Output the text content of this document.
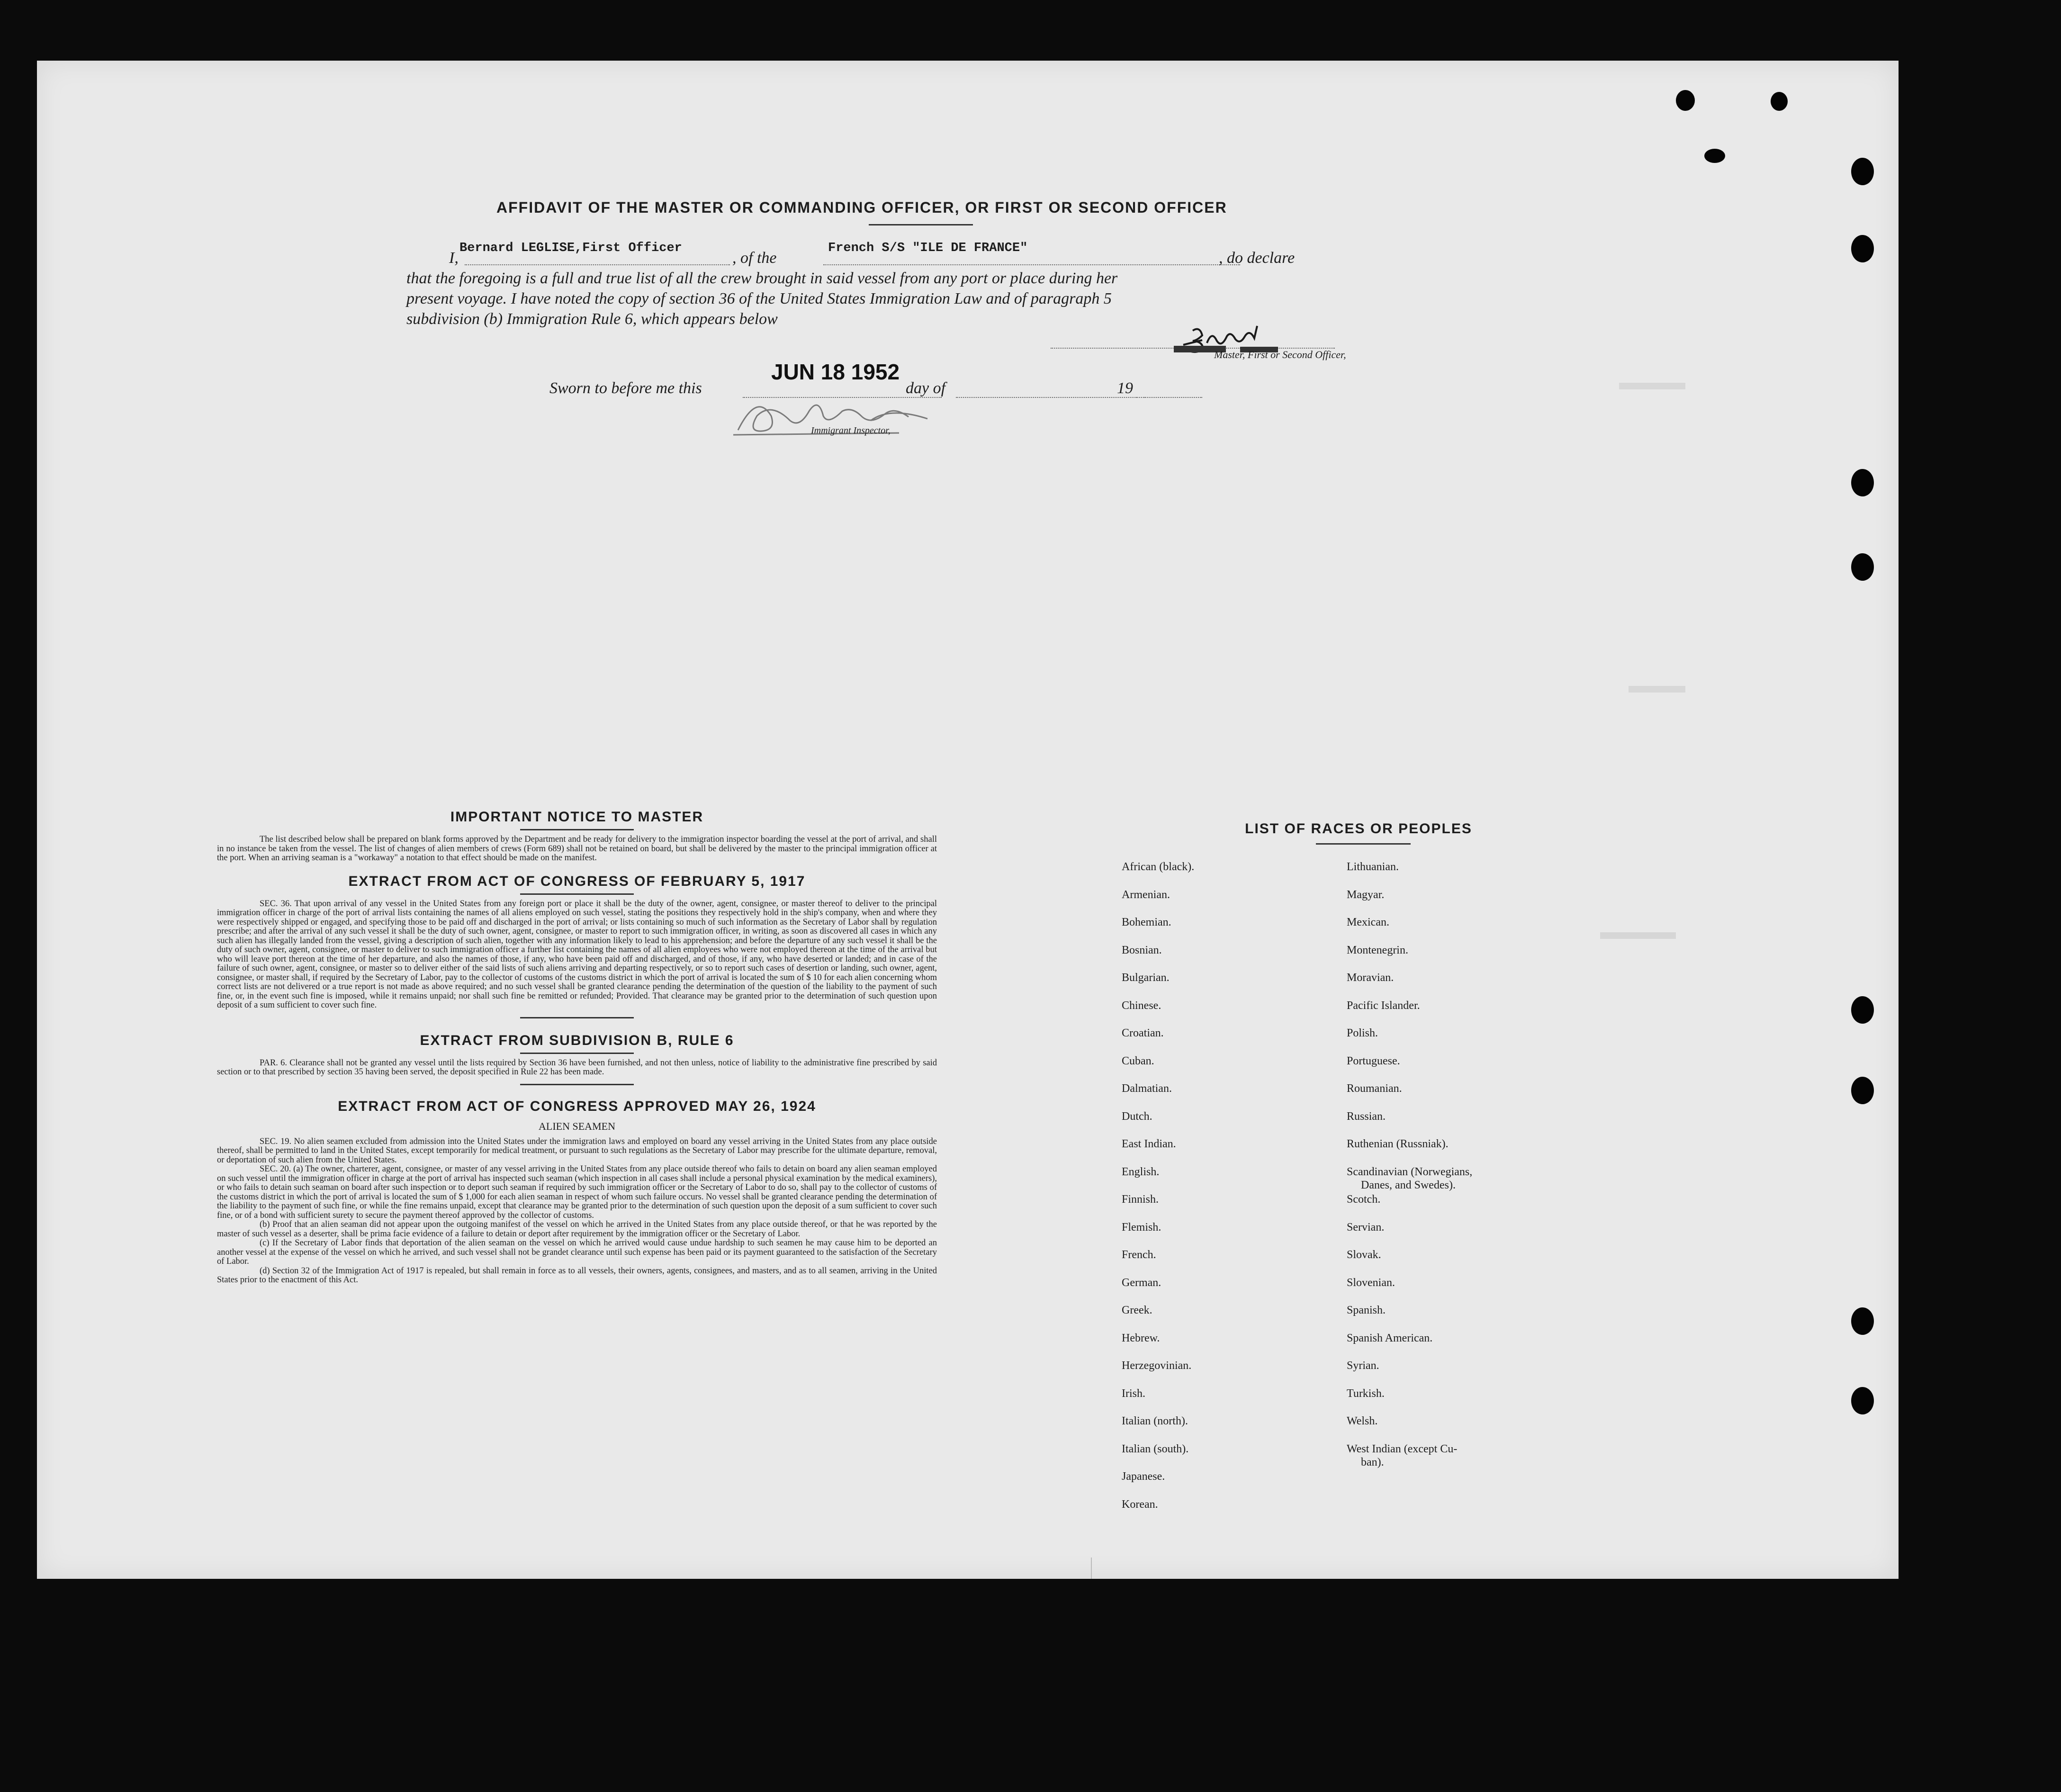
AFFIDAVIT OF THE MASTER OR COMMANDING OFFICER, OR FIRST OR SECOND OFFICER
I,
Bernard LEGLISE,First Officer
, of the
French S/S "ILE DE FRANCE"
, do declare
that the foregoing is a full and true list of all the crew brought in said vessel from any port or place during her
present voyage. I have noted the copy of section 36 of the United States Immigration Law and of paragraph 5
subdivision (b) Immigration Rule 6, which appears below
Master, First or Second Officer,
Sworn to before me this
JUN 18 1952
day of	19
Immigrant Inspector,
IMPORTANT NOTICE TO MASTER

The list described below shall be prepared on blank forms approved by the Department and be ready for delivery to the immigration inspector boarding the vessel at the port of arrival, and shall in no instance be taken from the vessel. The list of changes of alien members of crews (Form 689) shall not be retained on board, but shall be delivered by the master to the principal immigration officer at the port. When an arriving seaman is a "workaway" a notation to that effect should be made on the manifest.

EXTRACT FROM ACT OF CONGRESS OF FEBRUARY 5, 1917

SEC. 36. That upon arrival of any vessel in the United States from any foreign port or place it shall be the duty of the owner, agent, consignee, or master thereof to deliver to the principal immigration officer in charge of the port of arrival lists containing the names of all aliens employed on such vessel, stating the positions they respectively hold in the ship's company, when and where they were respectively shipped or engaged, and specifying those to be paid off and discharged in the port of arrival; or lists containing so much of such information as the Secretary of Labor shall by regulation prescribe; and after the arrival of any such vessel it shall be the duty of such owner, agent, consignee, or master to report to such immigration officer, in writing, as soon as discovered all cases in which any such alien has illegally landed from the vessel, giving a description of such alien, together with any information likely to lead to his apprehension; and before the departure of any such vessel it shall be the duty of such owner, agent, consignee, or master to deliver to such immigration officer a further list containing the names of all alien employees who were not employed thereon at the time of the arrival but who will leave port thereon at the time of her departure, and also the names of those, if any, who have been paid off and discharged, and of those, if any, who have deserted or landed; and in case of the failure of such owner, agent, consignee, or master so to deliver either of the said lists of such aliens arriving and departing respectively, or so to report such cases of desertion or landing, such owner, agent, consignee, or master shall, if required by the Secretary of Labor, pay to the collector of customs of the customs district in which the port of arrival is located the sum of $ 10 for each alien concerning whom correct lists are not delivered or a true report is not made as above required; and no such vessel shall be granted clearance pending the determination of the question of the liability to the payment of such fine, or, in the event such fine is imposed, while it remains unpaid; nor shall such fine be remitted or refunded; Provided. That clearance may be granted prior to the determination of such question upon deposit of a sum sufficient to cover such fine.

EXTRACT FROM SUBDIVISION B, RULE 6

PAR. 6. Clearance shall not be granted any vessel until the lists required by Section 36 have been furnished, and not then unless, notice of liability to the administrative fine prescribed by said section or to that prescribed by section 35 having been served, the deposit specified in Rule 22 has been made.

EXTRACT FROM ACT OF CONGRESS APPROVED MAY 26, 1924
ALIEN SEAMEN

SEC. 19. No alien seamen excluded from admission into the United States under the immigration laws and employed on board any vessel arriving in the United States from any place outside thereof, shall be permitted to land in the United States, except temporarily for medical treatment, or pursuant to such regulations as the Secretary of Labor may prescribe for the ultimate departure, removal, or deportation of such alien from the United States.

SEC. 20. (a) The owner, charterer, agent, consignee, or master of any vessel arriving in the United States from any place outside thereof who fails to detain on board any alien seaman employed on such vessel until the immigration officer in charge at the port of arrival has inspected such seaman (which inspection in all cases shall include a personal physical examination by the medical examiners), or who fails to detain such seaman on board after such inspection or to deport such seaman if required by such immigration officer or the Secretary of Labor to do so, shall pay to the collector of customs of the customs district in which the port of arrival is located the sum of $ 1,000 for each alien seaman in respect of whom such failure occurs. No vessel shall be granted clearance pending the determination of the liability to the payment of such fine, or while the fine remains unpaid, except that clearance may be granted prior to the determination of such question upon the deposit of a sum sufficient to cover such fine, or of a bond with sufficient surety to secure the payment thereof approved by the collector of customs.

(b) Proof that an alien seaman did not appear upon the outgoing manifest of the vessel on which he arrived in the United States from any place outside thereof, or that he was reported by the master of such vessel as a deserter, shall be prima facie evidence of a failure to detain or deport after requirement by the immigration officer or the Secretary of Labor.

(c) If the Secretary of Labor finds that deportation of the alien seaman on the vessel on which he arrived would cause undue hardship to such seamen he may cause him to be deported an another vessel at the expense of the vessel on which he arrived, and such vessel shall not be grandet clearance until such expense has been paid or its payment guaranteed to the satisfaction of the Secretary of Labor.

(d) Section 32 of the Immigration Act of 1917 is repealed, but shall remain in force as to all vessels, their owners, agents, consignees, and masters, and as to all seamen, arriving in the United States prior to the enactment of this Act.

LIST OF RACES OR PEOPLES
African (black).
Armenian.
Bohemian.
Bosnian.
Bulgarian.
Chinese.
Croatian.
Cuban.
Dalmatian.
Dutch.
East Indian.
English.
Finnish.
Flemish.
French.
German.
Greek.
Hebrew.
Herzegovinian.
Irish.
Italian (north).
Italian (south).
Japanese.
Korean.
Lithuanian.
Magyar.
Mexican.
Montenegrin.
Moravian.
Pacific Islander.
Polish.
Portuguese.
Roumanian.
Russian.
Ruthenian (Russniak).
Scandinavian (Norwegians,
Danes, and Swedes).
Scotch.
Servian.
Slovak.
Slovenian.
Spanish.
Spanish American.
Syrian.
Turkish.
Welsh.
West Indian (except Cu-
ban).
